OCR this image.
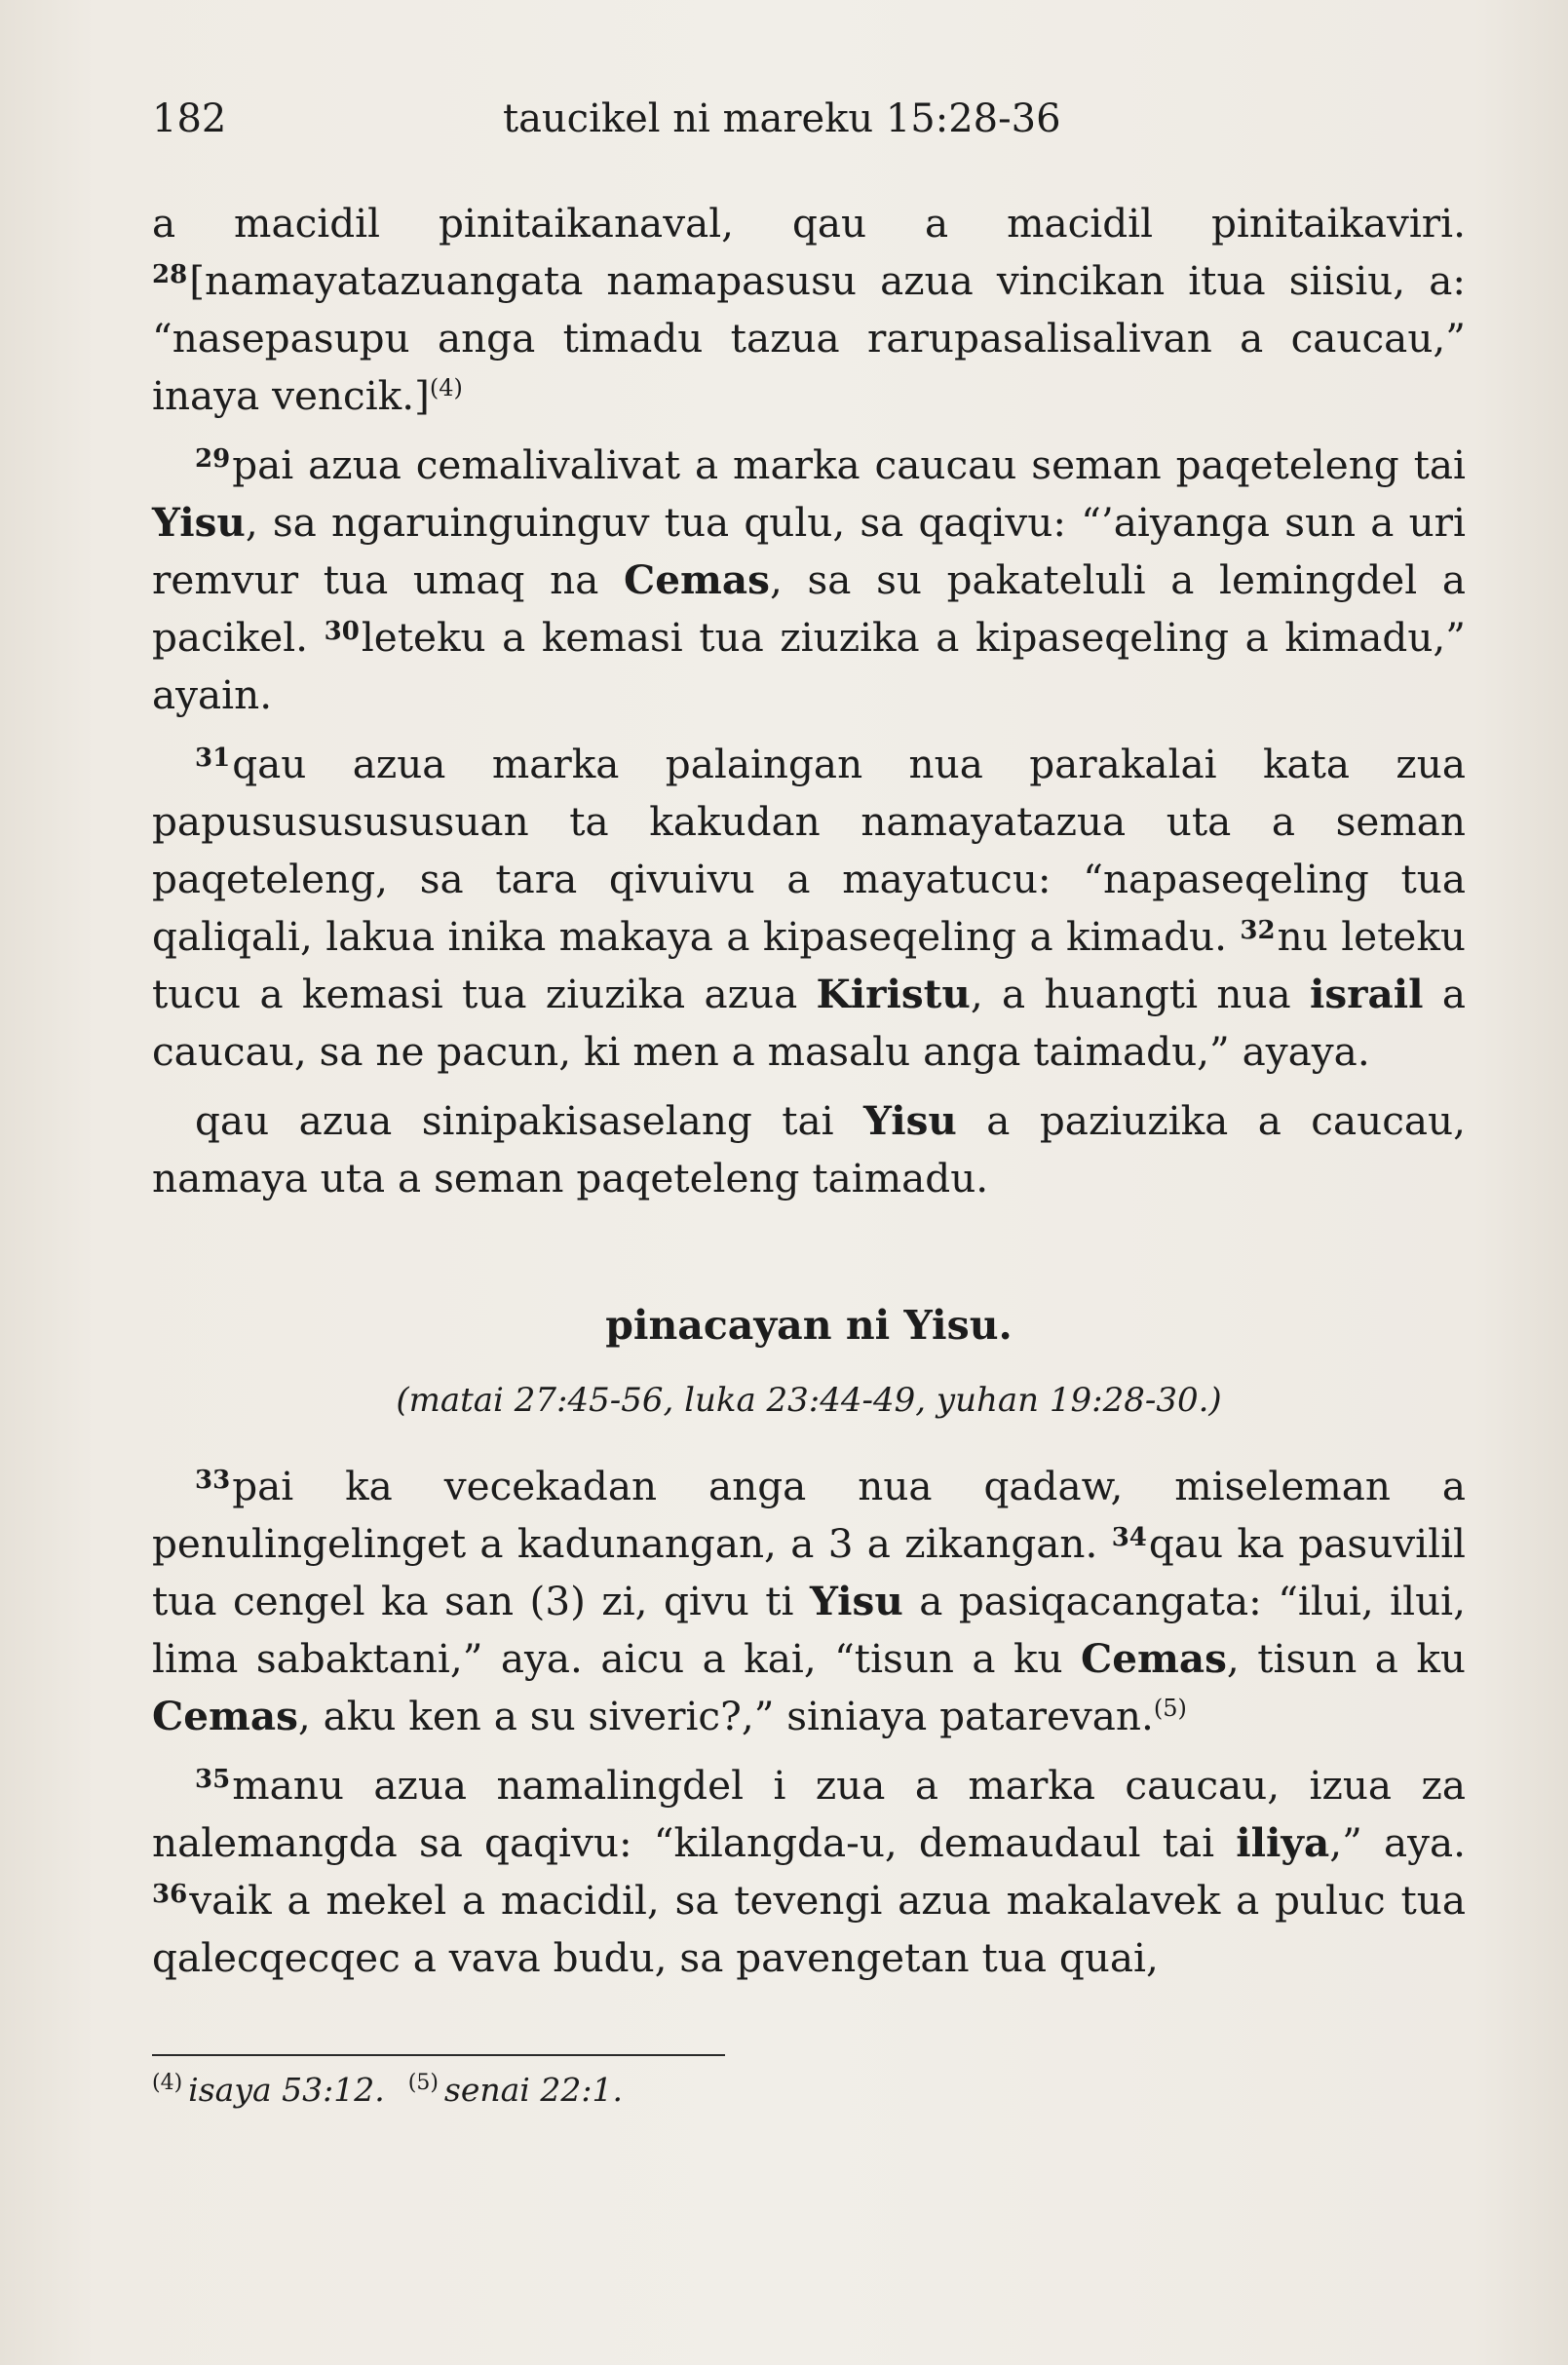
182	taucikel ni mareku 15:28-36

a macidil pinitaikanaval, qau a macidil pinitaikaviri. $^{28}$[namayatazuangata namapasusu azua vincikan itua siisiu, a: “nasepasupu anga timadu tazua rarupasalisalivan a caucau,” inaya vencik.]$^{(4)}$

$^{29}$pai azua cemalivalivat a marka caucau seman paqeteleng tai Yisu, sa ngaruinguinguv tua qulu, sa qaqivu: “’aiyanga sun a uri remvur tua umaq na Cemas, sa su pakateluli a lemingdel a pacikel. $^{30}$leteku a kemasi tua ziuzika a kipaseqeling a kimadu,” ayain.

$^{31}$qau azua marka palaingan nua parakalai kata zua papusususususuan ta kakudan namayatazua uta a seman paqeteleng, sa tara qivuivu a mayatucu: “napaseqeling tua qaliqali, lakua inika makaya a kipaseqeling a kimadu. $^{32}$nu leteku tucu a kemasi tua ziuzika azua Kiristu, a huangti nua israil a caucau, sa ne pacun, ki men a masalu anga taimadu,” ayaya.

qau azua sinipakisaselang tai Yisu a paziuzika a caucau, namaya uta a seman paqeteleng taimadu.

pinacayan ni Yisu.
(matai 27:45-56, luka 23:44-49, yuhan 19:28-30.)

$^{33}$pai ka vecekadan anga nua qadaw, miseleman a penulingelinget a kadunangan, a 3 a zikangan. $^{34}$qau ka pasuvilil tua cengel ka san (3) zi, qivu ti Yisu a pasiqacangata: “ilui, ilui, lima sabaktani,” aya. aicu a kai, “tisun a ku Cemas, tisun a ku Cemas, aku ken a su siveric?,” siniaya patarevan.$^{(5)}$

$^{35}$manu azua namalingdel i zua a marka caucau, izua za nalemangda sa qaqivu: “kilangda-u, demaudaul tai iliya,” aya. $^{36}$vaik a mekel a macidil, sa tevengi azua makalavek a puluc tua qalecqecqec a vava budu, sa pavengetan tua quai,

$^{(4)}$ isaya 53:12. $^{(5)}$ senai 22:1.
